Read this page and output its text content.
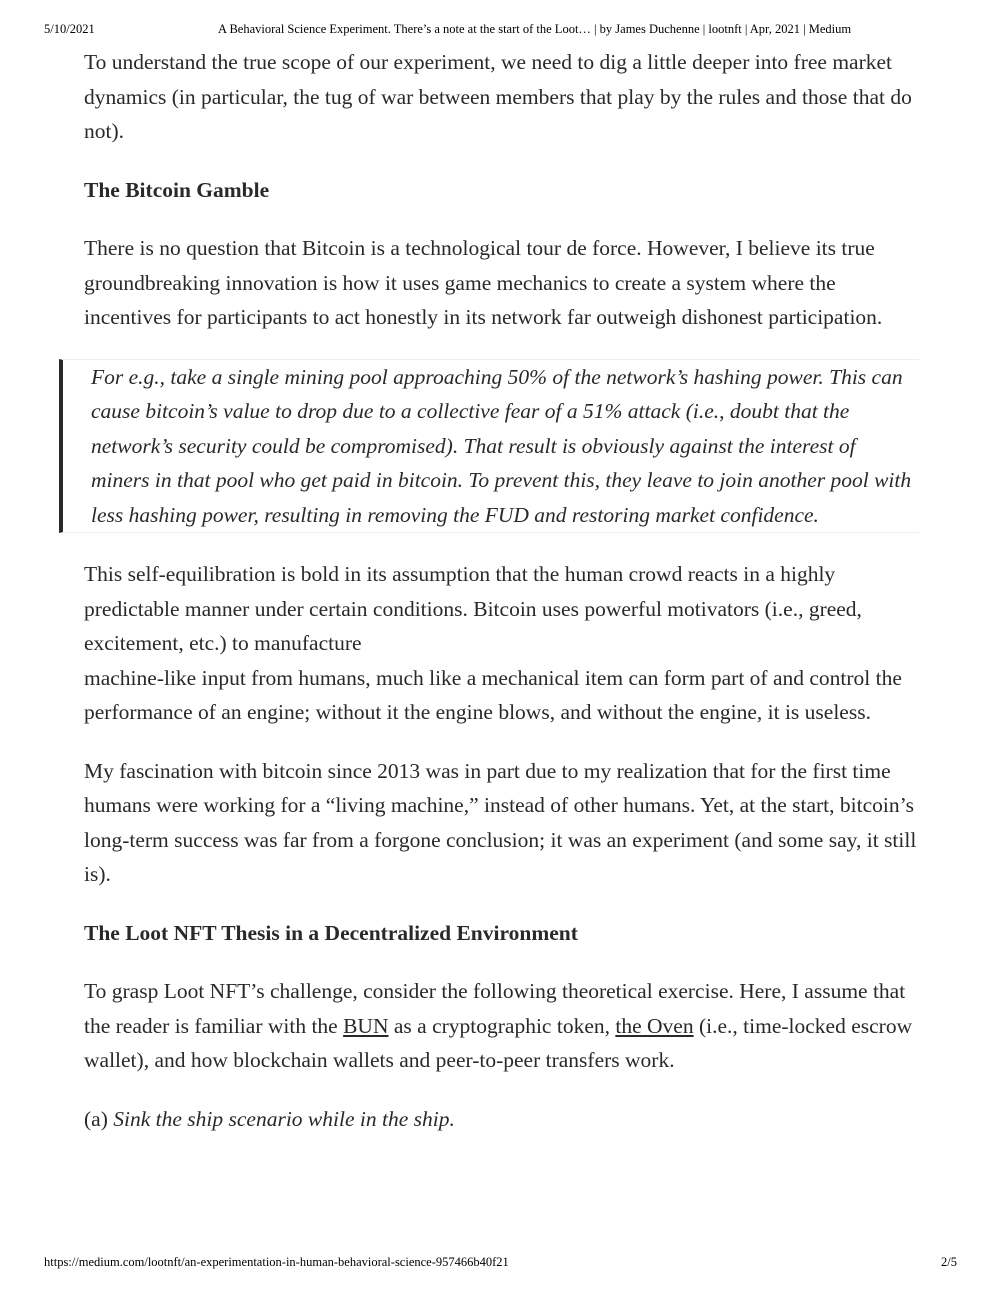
5/10/2021	A Behavioral Science Experiment. There’s a note at the start of the Loot… | by James Duchenne | lootnft | Apr, 2021 | Medium

To understand the true scope of our experiment, we need to dig a little deeper into free market dynamics (in particular, the tug of war between members that play by the rules and those that do not).

The Bitcoin Gamble

There is no question that Bitcoin is a technological tour de force. However, I believe its true groundbreaking innovation is how it uses game mechanics to create a system where the incentives for participants to act honestly in its network far outweigh dishonest participation.

For e.g., take a single mining pool approaching 50% of the network’s hashing power. This can cause bitcoin’s value to drop due to a collective fear of a 51% attack (i.e., doubt that the network’s security could be compromised). That result is obviously against the interest of miners in that pool who get paid in bitcoin. To prevent this, they leave to join another pool with less hashing power, resulting in removing the FUD and restoring market confidence.

This self-equilibration is bold in its assumption that the human crowd reacts in a highly predictable manner under certain conditions. Bitcoin uses powerful motivators (i.e., greed, excitement, etc.) to manufacture
machine-like input from humans, much like a mechanical item can form part of and control the performance of an engine; without it the engine blows, and without the engine, it is useless.

My fascination with bitcoin since 2013 was in part due to my realization that for the first time humans were working for a “living machine,” instead of other humans. Yet, at the start, bitcoin’s long-term success was far from a forgone conclusion; it was an experiment (and some say, it still is).

The Loot NFT Thesis in a Decentralized Environment

To grasp Loot NFT’s challenge, consider the following theoretical exercise. Here, I assume that the reader is familiar with the BUN as a cryptographic token, the Oven (i.e., time-locked escrow wallet), and how blockchain wallets and peer-to-peer transfers work.

(a) Sink the ship scenario while in the ship.

https://medium.com/lootnft/an-experimentation-in-human-behavioral-science-957466b40f21	2/5
